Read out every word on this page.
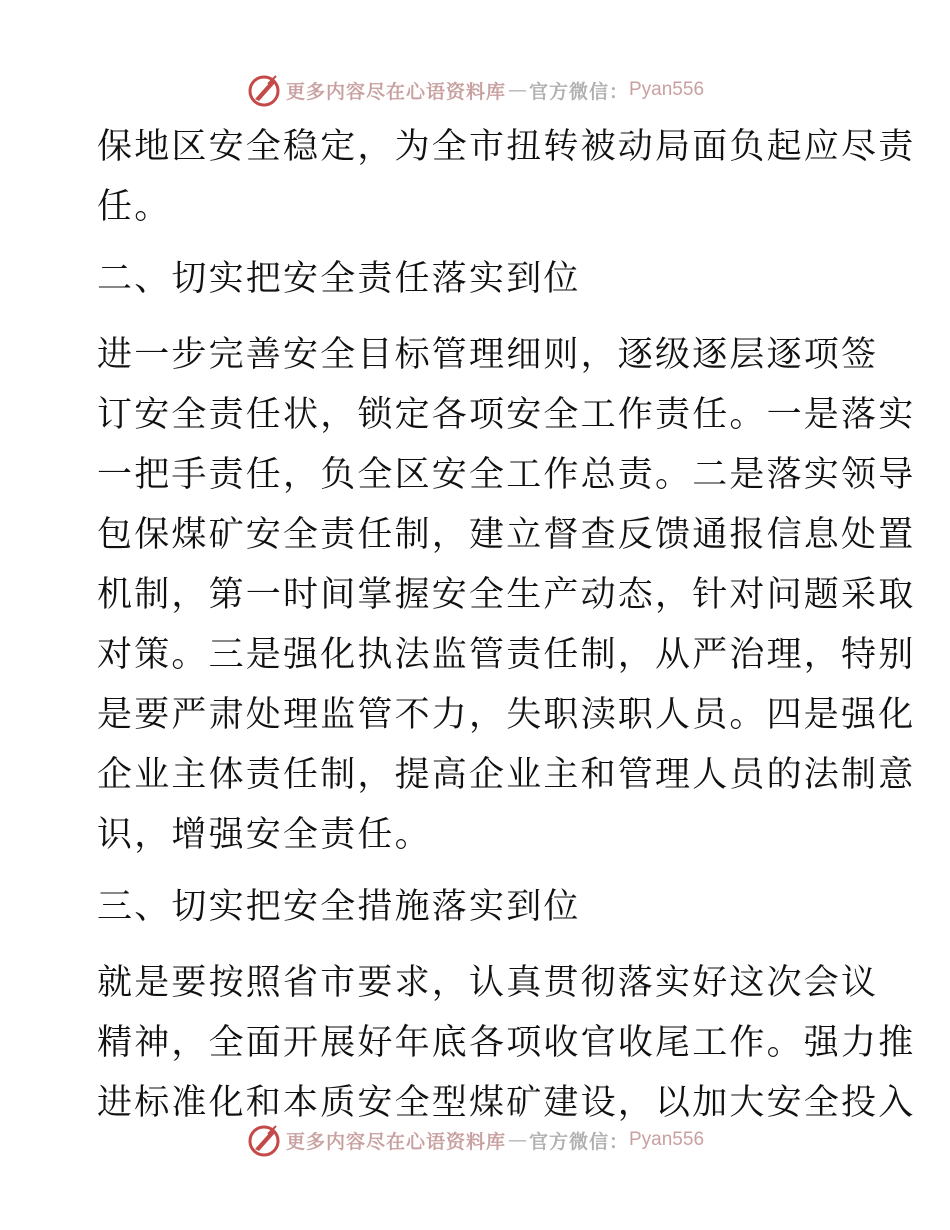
更多内容尽在心语资料库 — 官方微信： Pyan556
保地区安全稳定，为全市扭转被动局面负起应尽责
任。
二、切实把安全责任落实到位
进一步完善安全目标管理细则，逐级逐层逐项签
订安全责任状，锁定各项安全工作责任。一是落实
一把手责任，负全区安全工作总责。二是落实领导
包保煤矿安全责任制，建立督查反馈通报信息处置
机制，第一时间掌握安全生产动态，针对问题采取
对策。三是强化执法监管责任制，从严治理，特别
是要严肃处理监管不力，失职渎职人员。四是强化
企业主体责任制，提高企业主和管理人员的法制意
识，增强安全责任。
三、切实把安全措施落实到位
就是要按照省市要求，认真贯彻落实好这次会议
精神，全面开展好年底各项收官收尾工作。强力推
进标准化和本质安全型煤矿建设，以加大安全投入
更多内容尽在心语资料库 — 官方微信： Pyan556
